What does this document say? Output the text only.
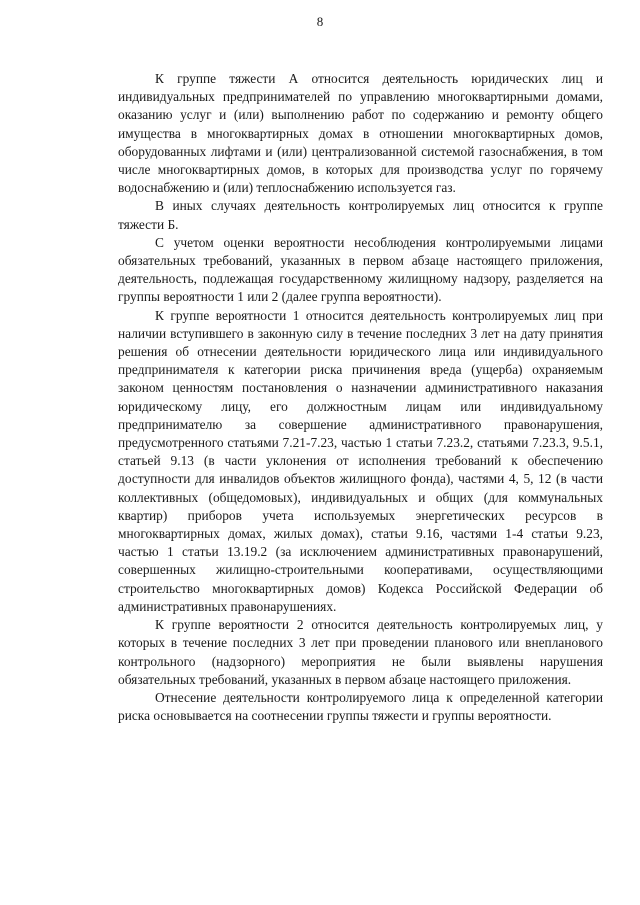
8

К группе тяжести А относится деятельность юридических лиц и индивидуальных предпринимателей по управлению многоквартирными домами, оказанию услуг и (или) выполнению работ по содержанию и ремонту общего имущества в многоквартирных домах в отношении многоквартирных домов, оборудованных лифтами и (или) централизованной системой газоснабжения, в том числе многоквартирных домов, в которых для производства услуг по горячему водоснабжению и (или) теплоснабжению используется газ.

В иных случаях деятельность контролируемых лиц относится к группе тяжести Б.

С учетом оценки вероятности несоблюдения контролируемыми лицами обязательных требований, указанных в первом абзаце настоящего приложения, деятельность, подлежащая государственному жилищному надзору, разделяется на группы вероятности 1 или 2 (далее группа вероятности).

К группе вероятности 1 относится деятельность контролируемых лиц при наличии вступившего в законную силу в течение последних 3 лет на дату принятия решения об отнесении деятельности юридического лица или индивидуального предпринимателя к категории риска причинения вреда (ущерба) охраняемым законом ценностям постановления о назначении административного наказания юридическому лицу, его должностным лицам или индивидуальному предпринимателю за совершение административного правонарушения, предусмотренного статьями 7.21-7.23, частью 1 статьи 7.23.2, статьями 7.23.3, 9.5.1, статьей 9.13 (в части уклонения от исполнения требований к обеспечению доступности для инвалидов объектов жилищного фонда), частями 4, 5, 12 (в части коллективных (общедомовых), индивидуальных и общих (для коммунальных квартир) приборов учета используемых энергетических ресурсов в многоквартирных домах, жилых домах), статьи 9.16, частями 1-4 статьи 9.23, частью 1 статьи 13.19.2 (за исключением административных правонарушений, совершенных жилищно-строительными кооперативами, осуществляющими строительство многоквартирных домов) Кодекса Российской Федерации об административных правонарушениях.

К группе вероятности 2 относится деятельность контролируемых лиц, у которых в течение последних 3 лет при проведении планового или внепланового контрольного (надзорного) мероприятия не были выявлены нарушения обязательных требований, указанных в первом абзаце настоящего приложения.

Отнесение деятельности контролируемого лица к определенной категории риска основывается на соотнесении группы тяжести и группы вероятности.
